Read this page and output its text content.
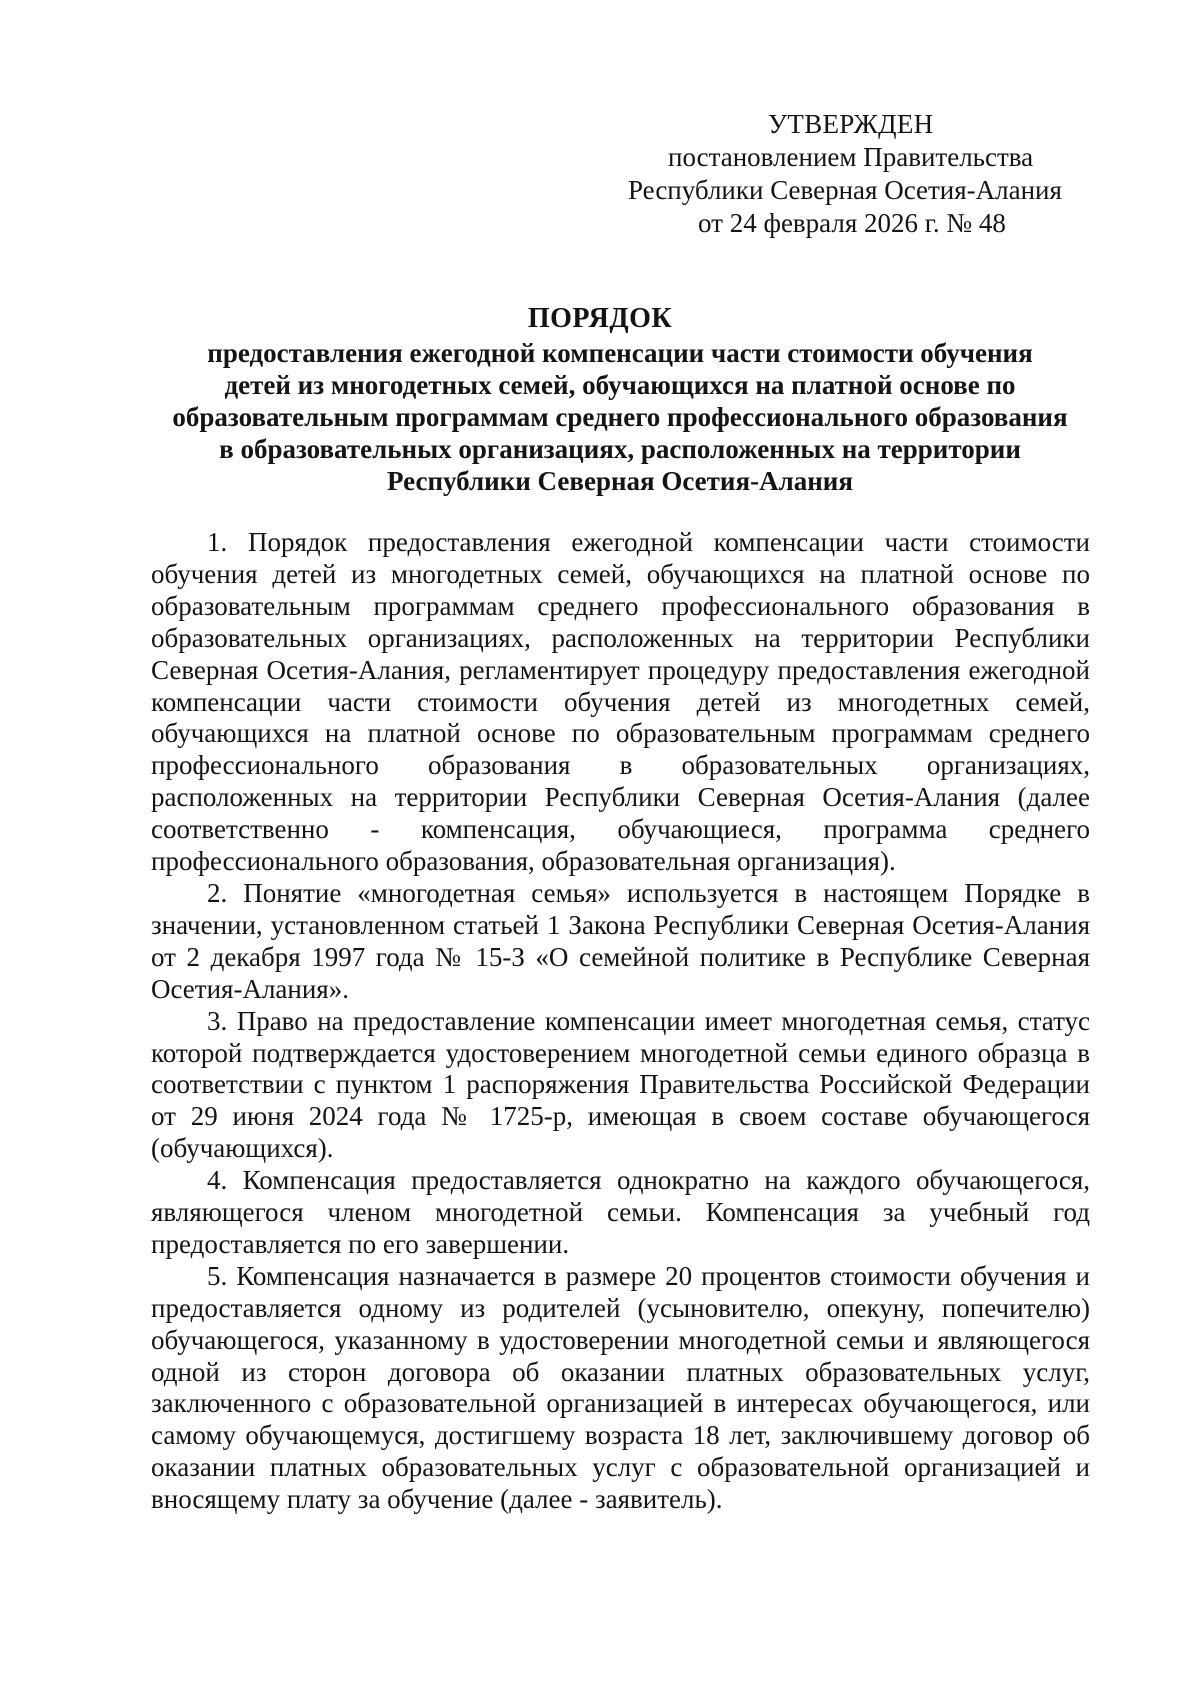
УТВЕРЖДЕН
постановлением Правительства
Республики Северная Осетия-Алания
от 24 февраля 2026 г. № 48
ПОРЯДОК
предоставления ежегодной компенсации части стоимости обучения
детей из многодетных семей, обучающихся на платной основе по
образовательным программам среднего профессионального образования
в образовательных организациях, расположенных на территории
Республики Северная Осетия-Алания

1. Порядок предоставления ежегодной компенсации части стоимости обучения детей из многодетных семей, обучающихся на платной основе по образовательным программам среднего профессионального образования в образовательных организациях, расположенных на территории Республики Северная Осетия-Алания, регламентирует процедуру предоставления ежегодной компенсации части стоимости обучения детей из многодетных семей, обучающихся на платной основе по образовательным программам среднего профессионального образования в образовательных организациях, расположенных на территории Республики Северная Осетия-Алания (далее соответственно - компенсация, обучающиеся, программа среднего профессионального образования, образовательная организация).

2. Понятие «многодетная семья» используется в настоящем Порядке в значении, установленном статьей 1 Закона Республики Северная Осетия-Алания от 2 декабря 1997 года № 15-З «О семейной политике в Республике Северная Осетия-Алания».

3. Право на предоставление компенсации имеет многодетная семья, статус которой подтверждается удостоверением многодетной семьи единого образца в соответствии с пунктом 1 распоряжения Правительства Российской Федерации от 29 июня 2024 года № 1725-р, имеющая в своем составе обучающегося (обучающихся).

4. Компенсация предоставляется однократно на каждого обучающегося, являющегося членом многодетной семьи. Компенсация за учебный год предоставляется по его завершении.

5. Компенсация назначается в размере 20 процентов стоимости обучения и предоставляется одному из родителей (усыновителю, опекуну, попечителю) обучающегося, указанному в удостоверении многодетной семьи и являющегося одной из сторон договора об оказании платных образовательных услуг, заключенного с образовательной организацией в интересах обучающегося, или самому обучающемуся, достигшему возраста 18 лет, заключившему договор об оказании платных образовательных услуг с образовательной организацией и вносящему плату за обучение (далее - заявитель).
